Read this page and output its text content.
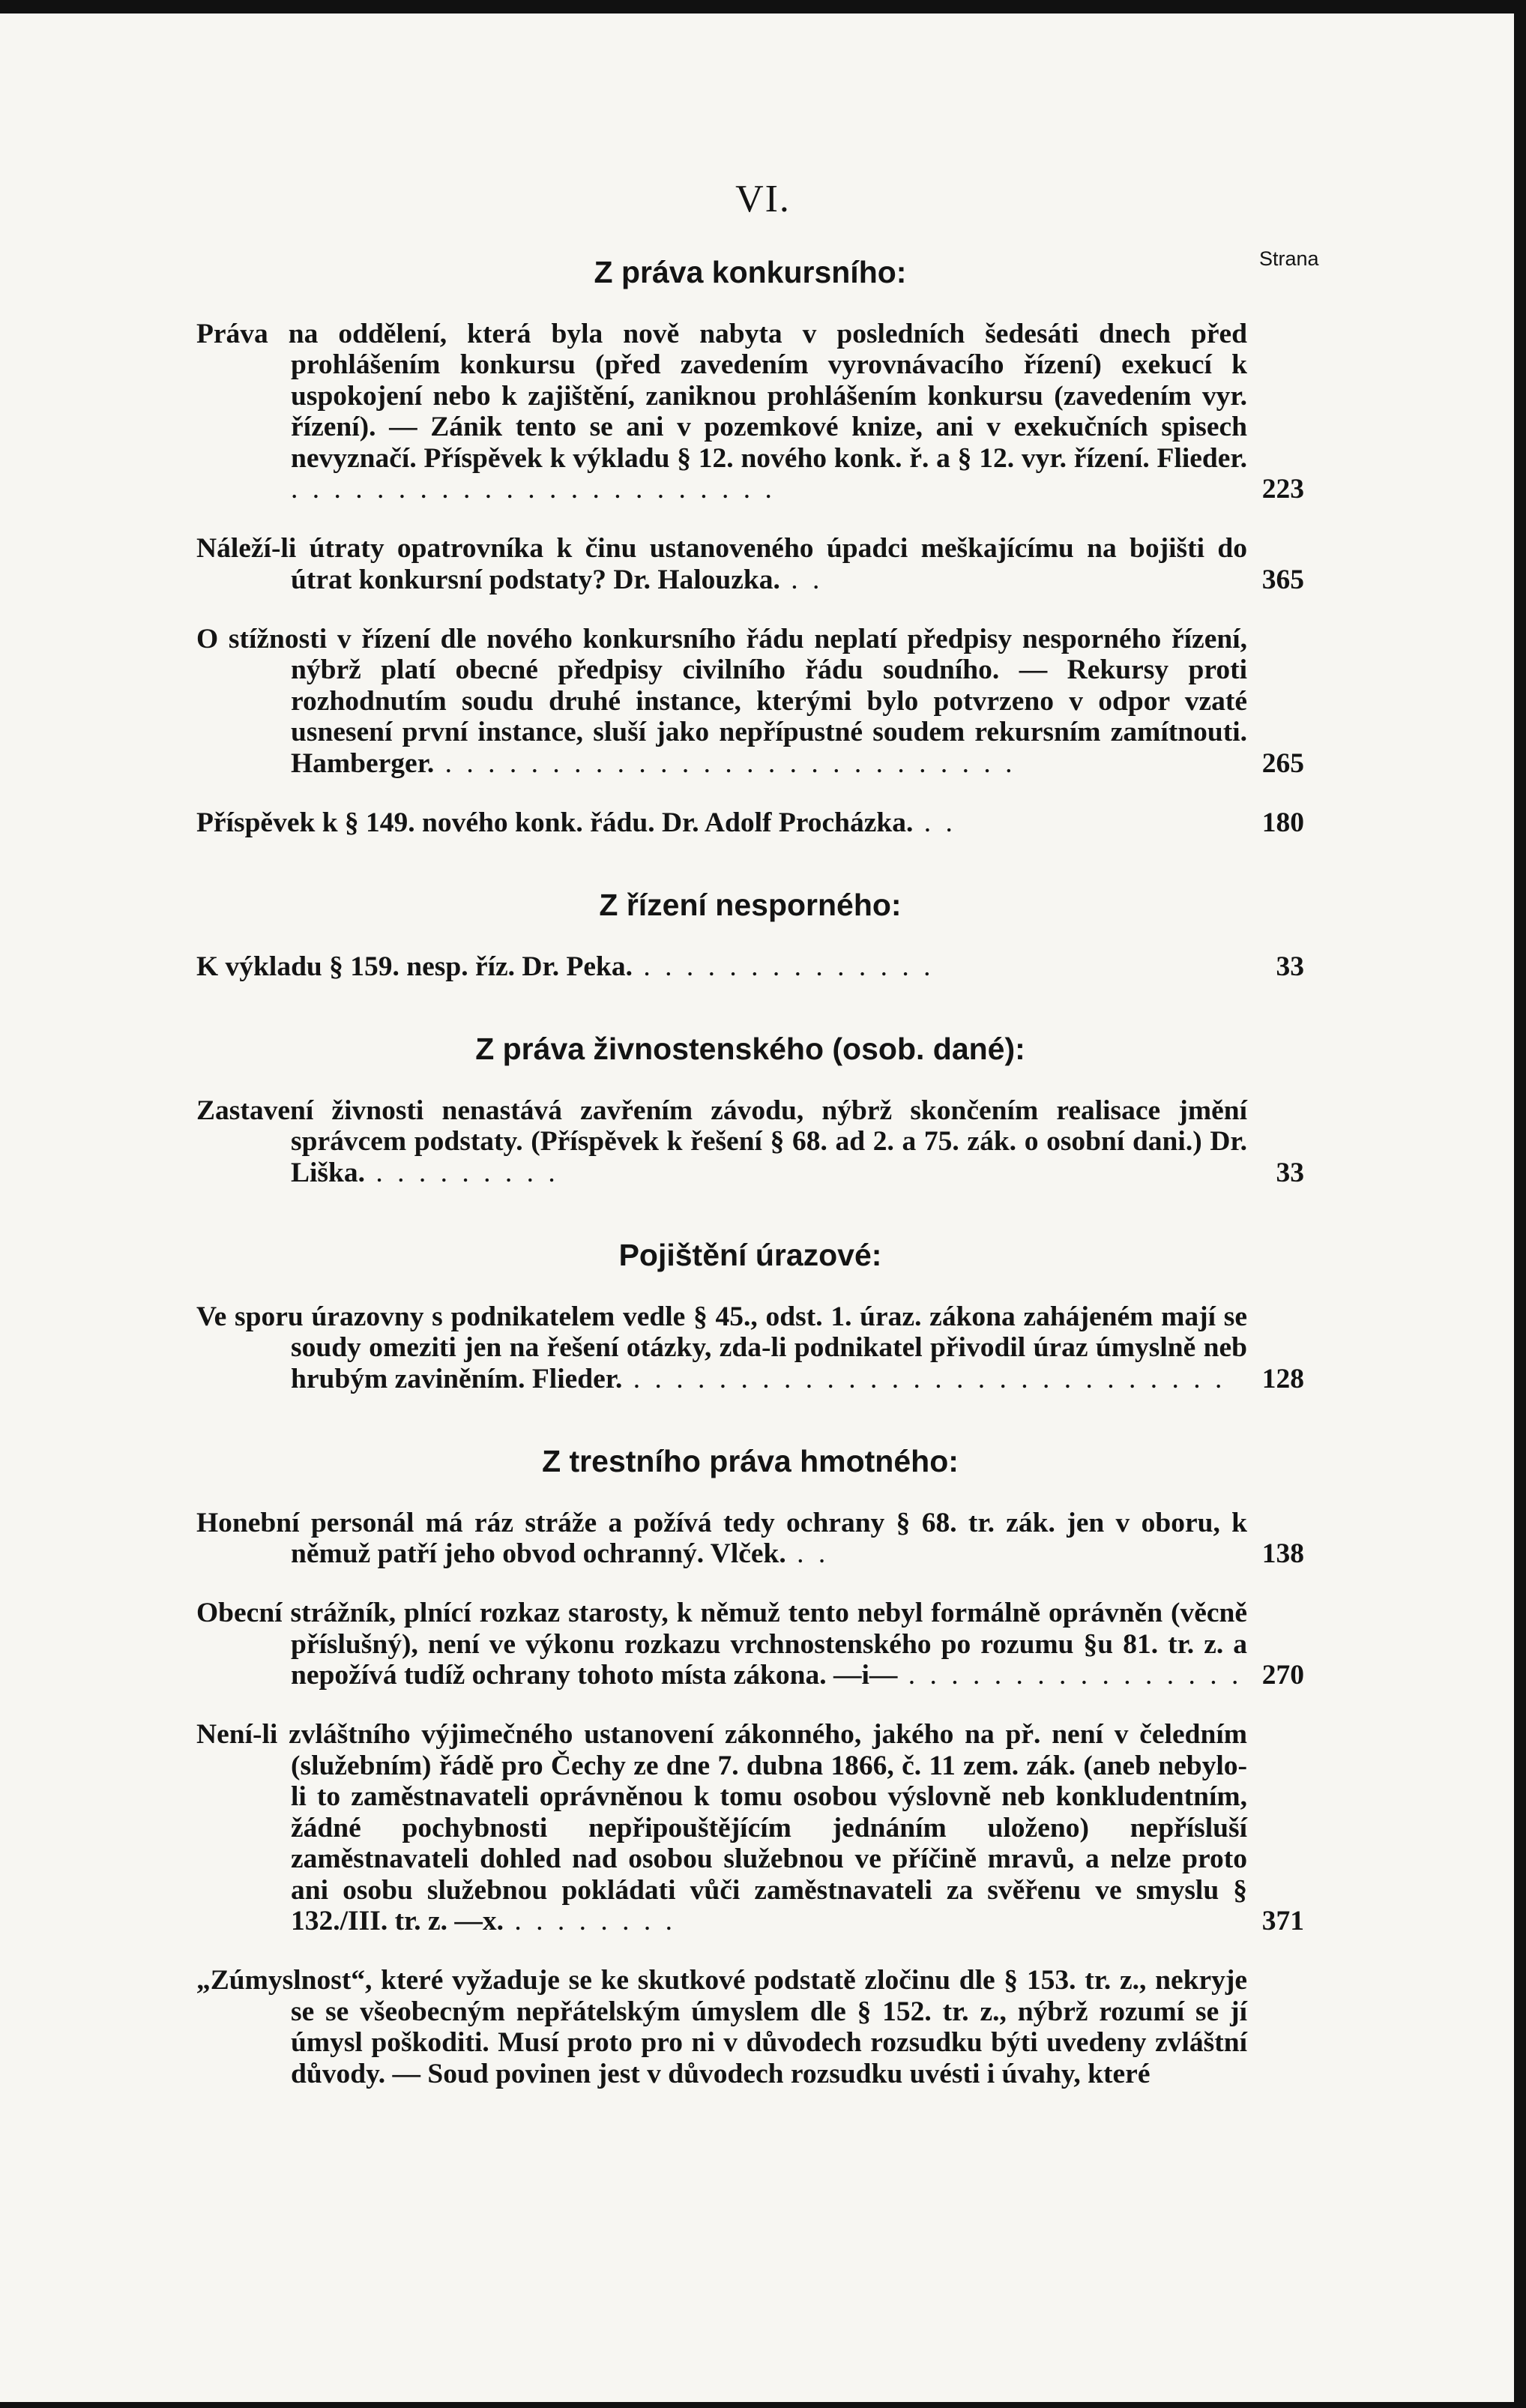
VI.
Strana
Z práva konkursního:

Práva na oddělení, která byla nově nabyta v posledních šedesáti dnech před prohlášením konkursu (před zavedením vyrovnávacího řízení) exekucí k uspokojení nebo k zajištění, zaniknou prohlášením konkursu (zavedením vyr. řízení). — Zánik tento se ani v pozemkové knize, ani v exekučních spisech nevyznačí. Příspěvek k výkladu § 12. nového konk. ř. a § 12. vyr. řízení. Flieder. . . . . . . . . . . . . . . . . . . . . . . .	223

Náleží-li útraty opatrovníka k činu ustanoveného úpadci meškajícímu na bojišti do útrat konkursní podstaty? Dr. Halouzka. . .	365

O stížnosti v řízení dle nového konkursního řádu neplatí předpisy nesporného řízení, nýbrž platí obecné předpisy civilního řádu soudního. — Rekursy proti rozhodnutím soudu druhé instance, kterými bylo potvrzeno v odpor vzaté usnesení první instance, sluší jako nepřípustné soudem rekursním zamítnouti. Hamberger. . . . . . . . . . . . . . . . . . . . . . . . . . . .	265

Příspěvek k § 149. nového konk. řádu. Dr. Adolf Procházka. . .	180

Z řízení nesporného:

K výkladu § 159. nesp. říz. Dr. Peka. . . . . . . . . . . . . . .	33

Z práva živnostenského (osob. dané):

Zastavení živnosti nenastává zavřením závodu, nýbrž skončením realisace jmění správcem podstaty. (Příspěvek k řešení § 68. ad 2. a 75. zák. o osobní dani.) Dr. Liška. . . . . . . . . .	33

Pojištění úrazové:

Ve sporu úrazovny s podnikatelem vedle § 45., odst. 1. úraz. zákona zahájeném mají se soudy omeziti jen na řešení otázky, zda-li podnikatel přivodil úraz úmyslně neb hrubým zaviněním. Flieder. . . . . . . . . . . . . . . . . . . . . . . . . . . . . 128

Z trestního práva hmotného:

Honební personál má ráz stráže a požívá tedy ochrany § 68. tr. zák. jen v oboru, k němuž patří jeho obvod ochranný. Vlček. . .	138

Obecní strážník, plnící rozkaz starosty, k němuž tento nebyl formálně oprávněn (věcně příslušný), není ve výkonu rozkazu vrchnostenského po rozumu §u 81. tr. z. a nepožívá tudíž ochrany tohoto místa zákona. —i— . . . . . . . . . . . . . . . . 270

Není-li zvláštního výjimečného ustanovení zákonného, jakého na př. není v čeledním (služebním) řádě pro Čechy ze dne 7. dubna 1866, č. 11 zem. zák. (aneb nebylo-li to zaměstnavateli oprávněnou k tomu osobou výslovně neb konkludentním, žádné pochybnosti nepřipouštějícím jednáním uloženo) nepřísluší zaměstnavateli dohled nad osobou služebnou ve příčině mravů, a nelze proto ani osobu služebnou pokládati vůči zaměstnavateli za svěřenu ve smyslu § 132./III. tr. z. —x. . . . . . . . .	371

„Zúmyslnost“, které vyžaduje se ke skutkové podstatě zločinu dle § 153. tr. z., nekryje se se všeobecným nepřátelským úmyslem dle § 152. tr. z., nýbrž rozumí se jí úmysl poškoditi. Musí proto pro ni v důvodech rozsudku býti uvedeny zvláštní důvody. — Soud povinen jest v důvodech rozsudku uvésti i úvahy, které
